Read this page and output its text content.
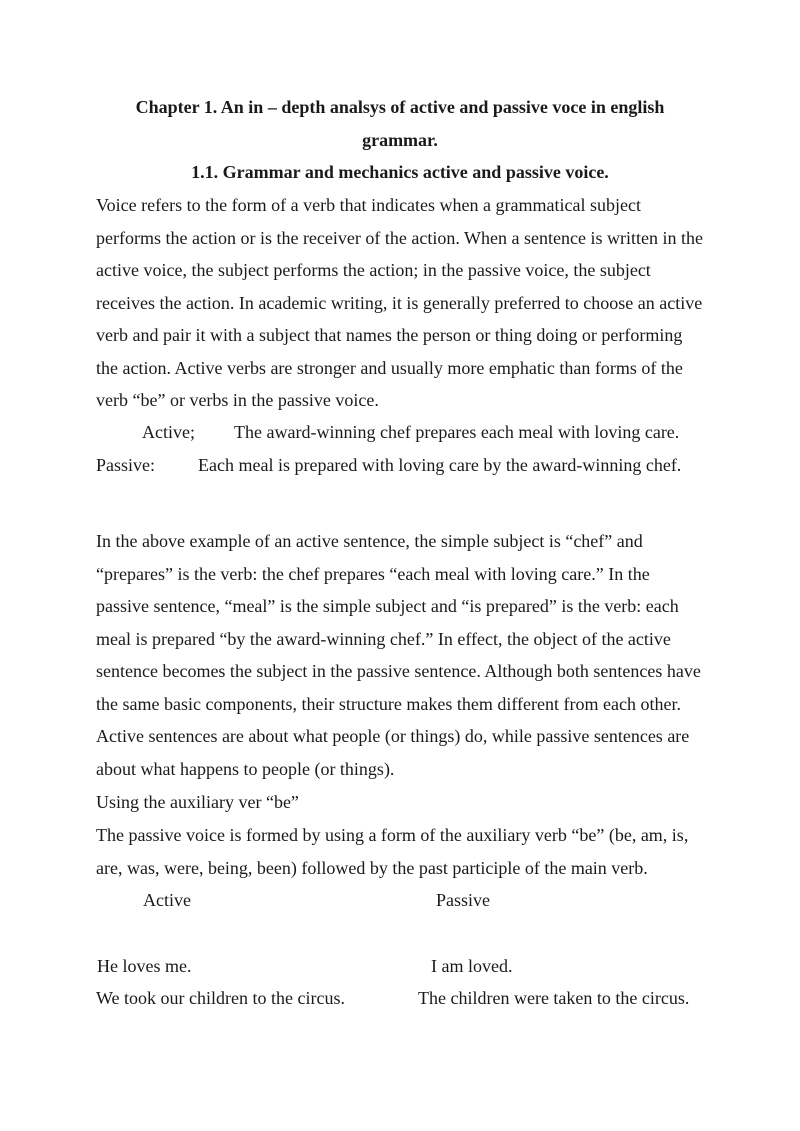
Chapter 1. An in – depth analsys of active and passive voce in english grammar.
1.1. Grammar and mechanics active and passive voice.

Voice refers to the form of a verb that indicates when a grammatical subject performs the action or is the receiver of the action. When a sentence is written in the active voice, the subject performs the action; in the passive voice, the subject receives the action. In academic writing, it is generally preferred to choose an active verb and pair it with a subject that names the person or thing doing or performing the action. Active verbs are stronger and usually more emphatic than forms of the verb “be” or verbs in the passive voice.

Active; The award-winning chef prepares each meal with loving care.
Passive:	Each meal is prepared with loving care by the award-winning chef.

In the above example of an active sentence, the simple subject is “chef” and “prepares” is the verb: the chef prepares “each meal with loving care.” In the passive sentence, “meal” is the simple subject and “is prepared” is the verb: each meal is prepared “by the award-winning chef.” In effect, the object of the active sentence becomes the subject in the passive sentence. Although both sentences have the same basic components, their structure makes them different from each other. Active sentences are about what people (or things) do, while passive sentences are about what happens to people (or things).

Using the auxiliary ver “be”

The passive voice is formed by using a form of the auxiliary verb “be” (be, am, is, are, was, were, being, been) followed by the past participle of the main verb.

Active	Passive
He loves me.	I am loved.
We took our children to the circus.	The children were taken to the circus.
